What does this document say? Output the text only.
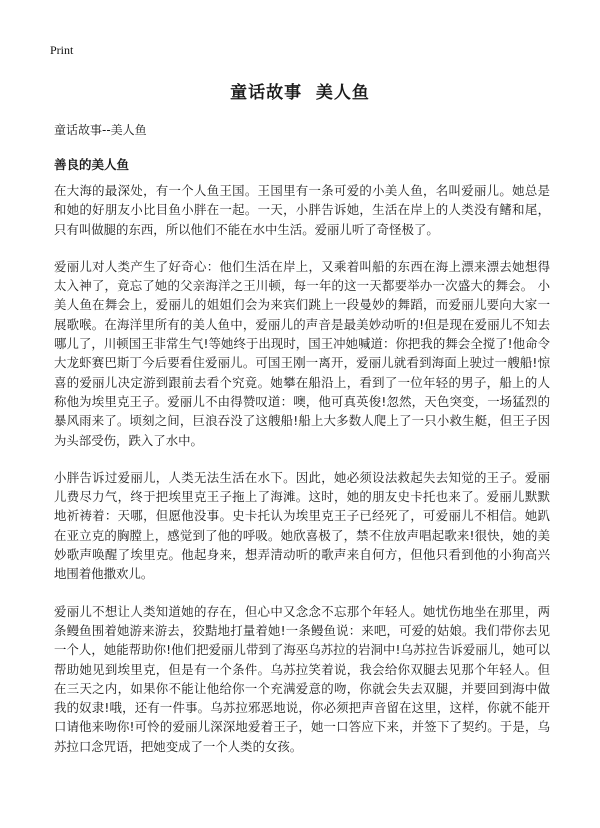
Print
童话故事  美人鱼
童话故事--美人鱼
善良的美人鱼

在大海的最深处，有一个人鱼王国。王国里有一条可爱的小美人鱼，名叫爱丽儿。她总是和她的好朋友小比目鱼小胖在一起。一天，小胖告诉她，生活在岸上的人类没有鳍和尾，只有叫做腿的东西，所以他们不能在水中生活。爱丽儿听了奇怪极了。

爱丽儿对人类产生了好奇心：他们生活在岸上，又乘着叫船的东西在海上漂来漂去她想得太入神了，竟忘了她的父亲海洋之王川顿，每一年的这一天都要举办一次盛大的舞会。 小美人鱼在舞会上，爱丽儿的姐姐们会为来宾们跳上一段曼妙的舞蹈，而爱丽儿要向大家一展歌喉。在海洋里所有的美人鱼中，爱丽儿的声音是最美妙动听的!但是现在爱丽儿不知去哪儿了，川顿国王非常生气!等她终于出现时，国王冲她喊道：你把我的舞会全搅了!他命令大龙虾赛巴斯丁今后要看住爱丽儿。可国王刚一离开，爱丽儿就看到海面上驶过一艘船!惊喜的爱丽儿决定游到跟前去看个究竟。她攀在船沿上，看到了一位年轻的男子，船上的人称他为埃里克王子。爱丽儿不由得赞叹道：噢，他可真英俊!忽然，天色突变，一场猛烈的暴风雨来了。顷刻之间，巨浪吞没了这艘船!船上大多数人爬上了一只小救生艇，但王子因为头部受伤，跌入了水中。

小胖告诉过爱丽儿，人类无法生活在水下。因此，她必须设法救起失去知觉的王子。爱丽儿费尽力气，终于把埃里克王子拖上了海滩。这时，她的朋友史卡托也来了。爱丽儿默默地祈祷着：天哪，但愿他没事。史卡托认为埃里克王子已经死了，可爱丽儿不相信。她趴在亚立克的胸膛上，感觉到了他的呼吸。她欣喜极了，禁不住放声唱起歌来!很快，她的美妙歌声唤醒了埃里克。他起身来，想弄清动听的歌声来自何方，但他只看到他的小狗高兴地围着他撒欢儿。

爱丽儿不想让人类知道她的存在，但心中又念念不忘那个年轻人。她忧伤地坐在那里，两条鳗鱼围着她游来游去，狡黠地打量着她!一条鳗鱼说：来吧，可爱的姑娘。我们带你去见一个人，她能帮助你!他们把爱丽儿带到了海巫乌苏拉的岩洞中!乌苏拉告诉爱丽儿，她可以帮助她见到埃里克，但是有一个条件。乌苏拉笑着说，我会给你双腿去见那个年轻人。但在三天之内，如果你不能让他给你一个充满爱意的吻，你就会失去双腿，并要回到海中做我的奴隶!哦，还有一件事。乌苏拉邪恶地说，你必须把声音留在这里，这样，你就不能开口请他来吻你!可怜的爱丽儿深深地爱着王子，她一口答应下来，并签下了契约。于是，乌苏拉口念咒语，把她变成了一个人类的女孩。
